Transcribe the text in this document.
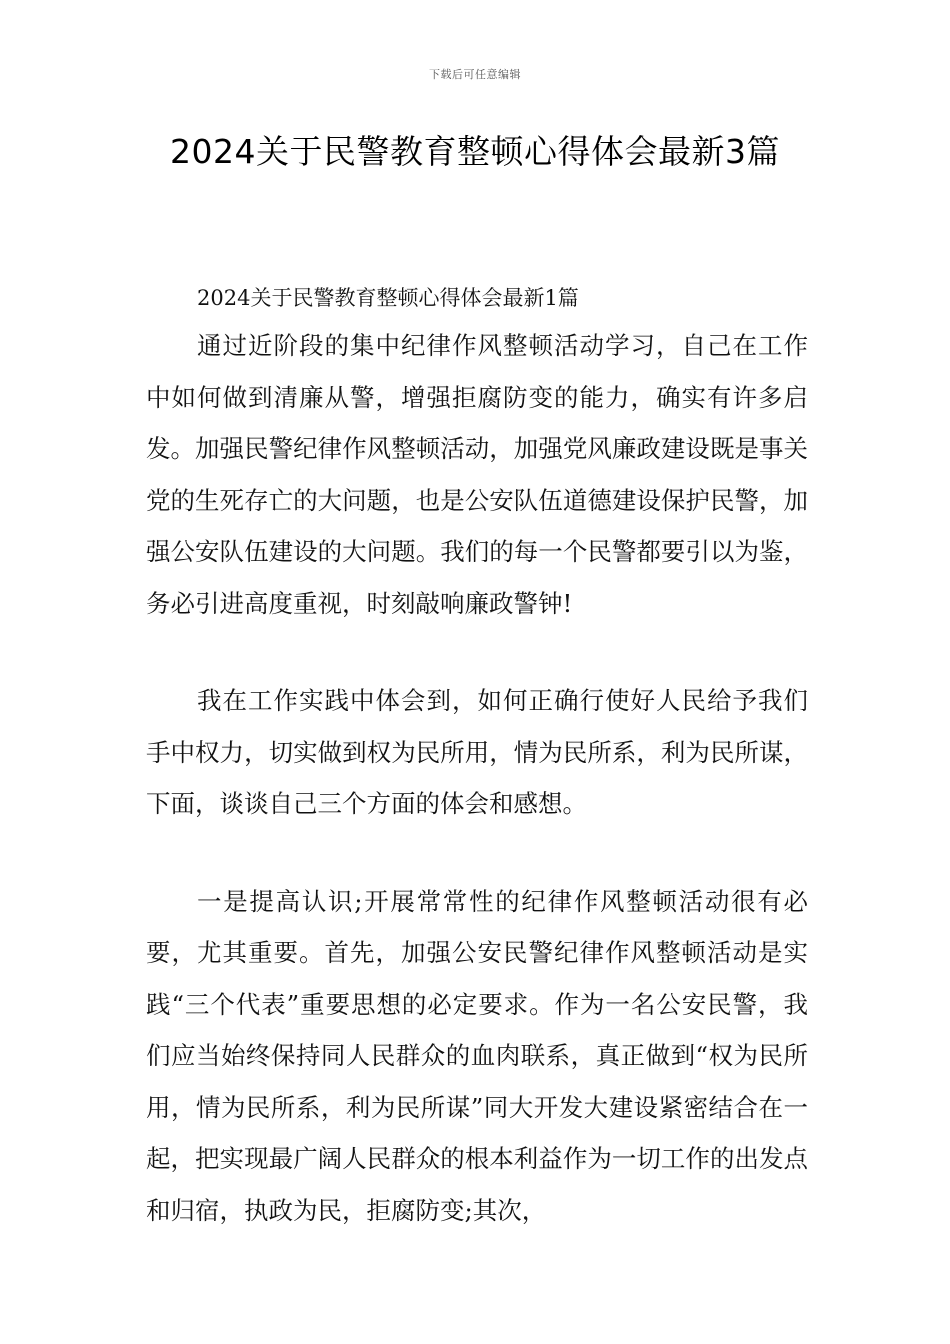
下载后可任意编辑
2024关于民警教育整顿心得体会最新3篇

2024关于民警教育整顿心得体会最新1篇

通过近阶段的集中纪律作风整顿活动学习，自己在工作中如何做到清廉从警，增强拒腐防变的能力，确实有许多启发。加强民警纪律作风整顿活动，加强党风廉政建设既是事关党的生死存亡的大问题，也是公安队伍道德建设保护民警，加强公安队伍建设的大问题。我们的每一个民警都要引以为鉴，务必引进高度重视，时刻敲响廉政警钟!

我在工作实践中体会到，如何正确行使好人民给予我们手中权力，切实做到权为民所用，情为民所系，利为民所谋，下面，谈谈自己三个方面的体会和感想。

一是提高认识;开展常常性的纪律作风整顿活动很有必要，尤其重要。首先，加强公安民警纪律作风整顿活动是实践“三个代表”重要思想的必定要求。作为一名公安民警，我们应当始终保持同人民群众的血肉联系，真正做到“权为民所用，情为民所系，利为民所谋”同大开发大建设紧密结合在一起，把实现最广阔人民群众的根本利益作为一切工作的出发点和归宿，执政为民，拒腐防变;其次，
